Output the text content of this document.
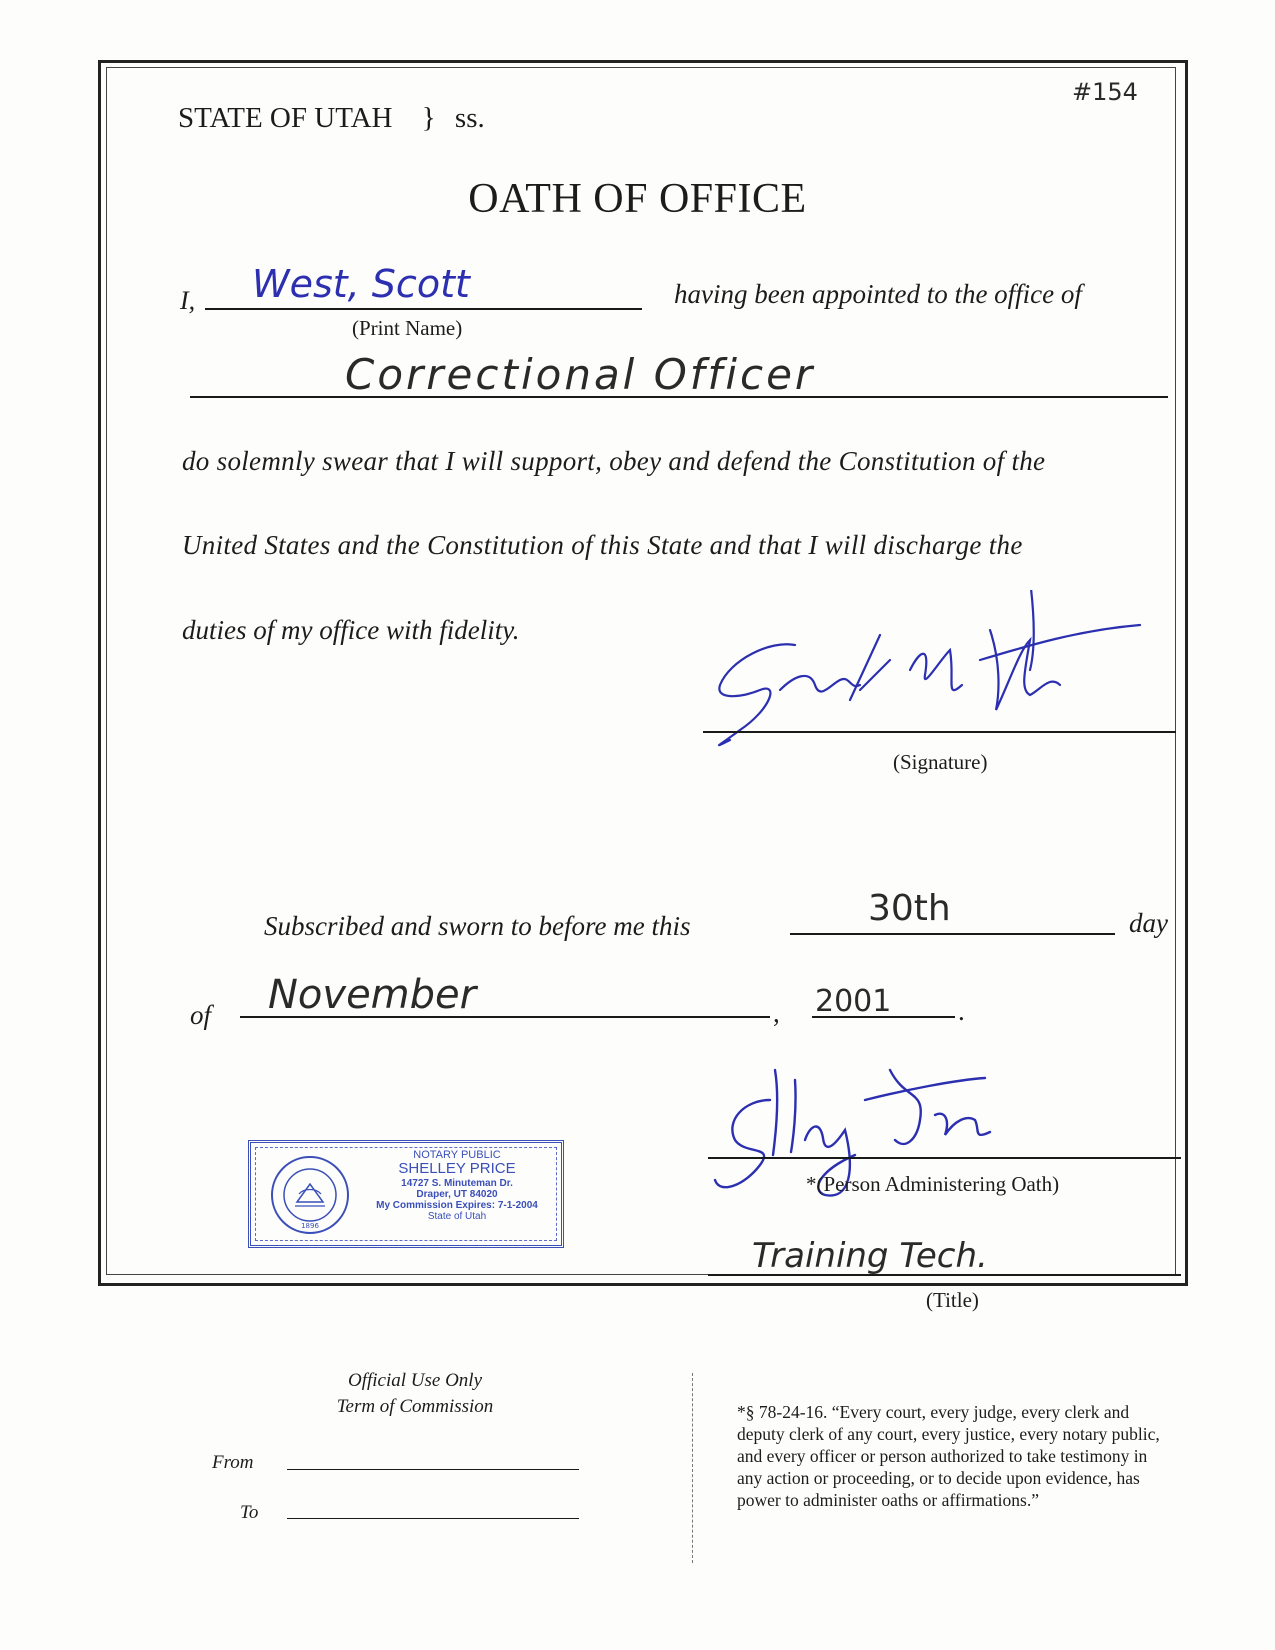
#154
STATE OF UTAH } ss.
OATH OF OFFICE
I, West, Scott
(Print Name)
having been appointed to the office of
Correctional Officer
do solemnly swear that I will support, obey and defend the Constitution of the
United States and the Constitution of this State and that I will discharge the
duties of my office with fidelity.
(Signature)
Subscribed and sworn to before me this	30th	day
of November	, 2001 .
1896
NOTARY PUBLIC
SHELLEY PRICE
14727 S. Minuteman Dr.
Draper, UT 84020
My Commission Expires: 7-1-2004
State of Utah
*(Person Administering Oath)
Training Tech.
(Title)
Official Use Only
Term of Commission
From
To
*§ 78-24-16. “Every court, every judge, every clerk and
deputy clerk of any court, every justice, every notary public,
and every officer or person authorized to take testimony in
any action or proceeding, or to decide upon evidence, has
power to administer oaths or affirmations.”
